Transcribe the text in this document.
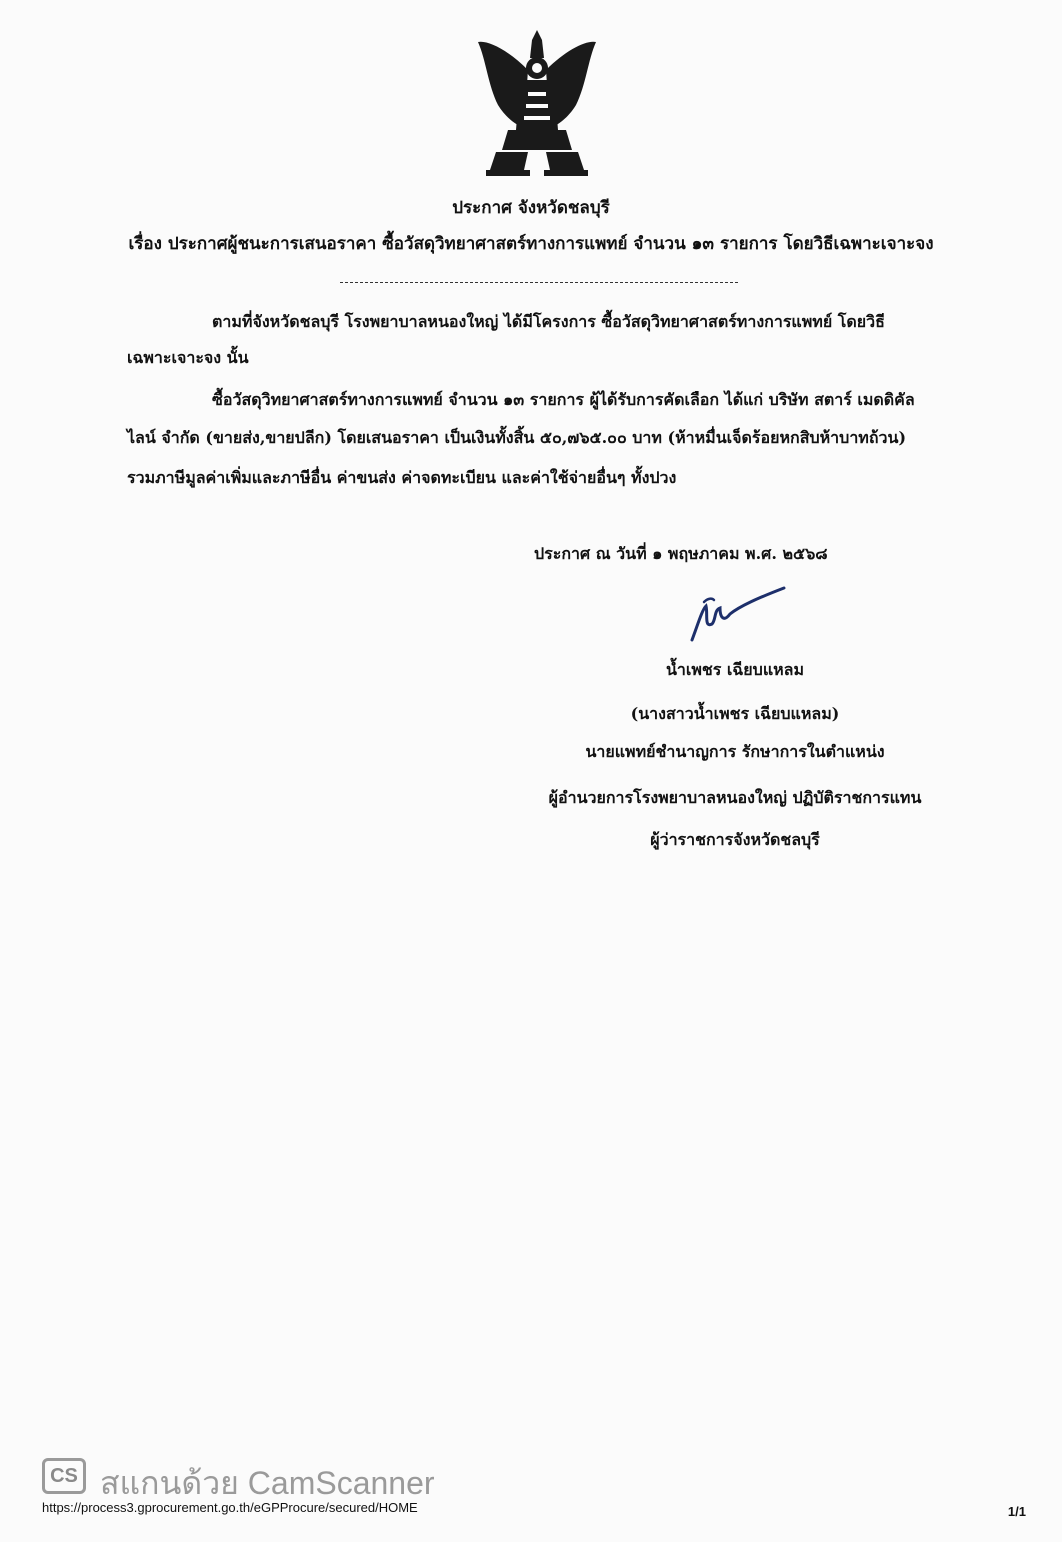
ประกาศ จังหวัดชลบุรี
เรื่อง ประกาศผู้ชนะการเสนอราคา ซื้อวัสดุวิทยาศาสตร์ทางการแพทย์ จำนวน ๑๓ รายการ โดยวิธีเฉพาะเจาะจง
ตามที่จังหวัดชลบุรี โรงพยาบาลหนองใหญ่ ได้มีโครงการ ซื้อวัสดุวิทยาศาสตร์ทางการแพทย์ โดยวิธี
เฉพาะเจาะจง นั้น
ซื้อวัสดุวิทยาศาสตร์ทางการแพทย์ จำนวน ๑๓ รายการ ผู้ได้รับการคัดเลือก ได้แก่ บริษัท สตาร์ เมดดิคัล
ไลน์ จำกัด (ขายส่ง,ขายปลีก) โดยเสนอราคา เป็นเงินทั้งสิ้น ๕๐,๗๖๕.๐๐ บาท (ห้าหมื่นเจ็ดร้อยหกสิบห้าบาทถ้วน)
รวมภาษีมูลค่าเพิ่มและภาษีอื่น ค่าขนส่ง ค่าจดทะเบียน และค่าใช้จ่ายอื่นๆ ทั้งปวง
ประกาศ ณ วันที่ ๑ พฤษภาคม พ.ศ. ๒๕๖๘
น้ำเพชร เฉียบแหลม
(นางสาวน้ำเพชร เฉียบแหลม)
นายแพทย์ชำนาญการ รักษาการในตำแหน่ง
ผู้อำนวยการโรงพยาบาลหนองใหญ่ ปฏิบัติราชการแทน
ผู้ว่าราชการจังหวัดชลบุรี
CS สแกนด้วย CamScanner
https://process3.gprocurement.go.th/eGPProcure/secured/HOME	1/1
